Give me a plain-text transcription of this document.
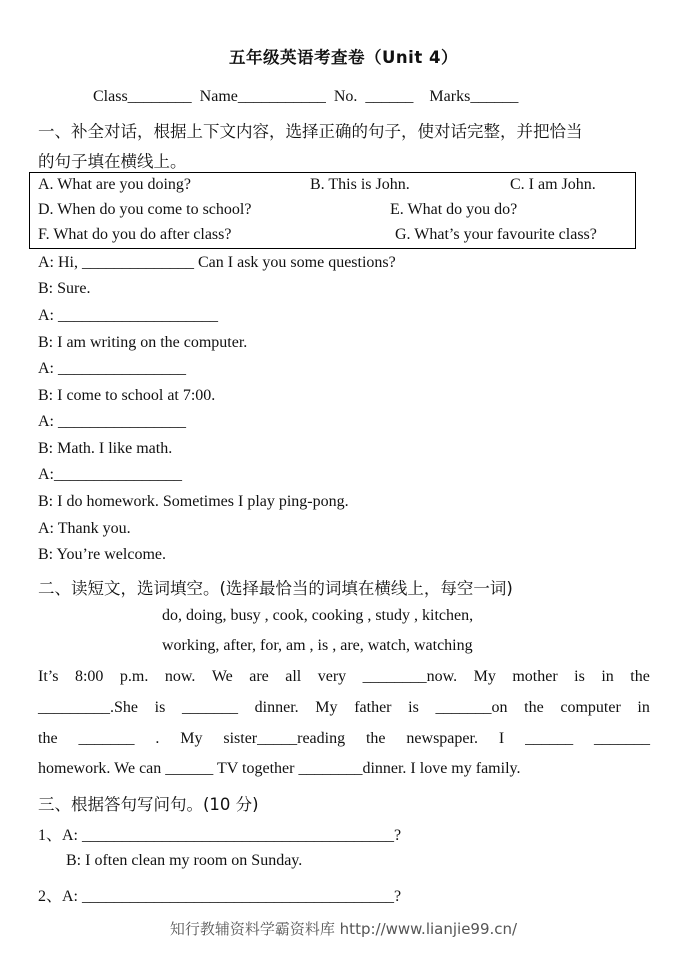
五年级英语考查卷（Unit 4）
Class________  Name___________  No.  ______    Marks______
一、补全对话，根据上下文内容，选择正确的句子，使对话完整，并把恰当
的句子填在横线上。
A. What are you doing?	B. This is John.	C. I am John.
D. When do you come to school?	E. What do you do?
F. What do you do after class?	G. What’s your favourite class?
A: Hi, ______________ Can I ask you some questions?
B: Sure.
A: ____________________
B: I am writing on the computer.
A: ________________
B: I come to school at 7:00.
A: ________________
B: Math. I like math.
A:________________
B: I do homework. Sometimes I play ping-pong.
A: Thank you.
B: You’re welcome.
二、读短文，选词填空。(选择最恰当的词填在横线上，每空一词)
do, doing, busy , cook, cooking , study , kitchen,
working, after, for, am , is , are, watch, watching
It’s 8:00 p.m. now. We are all very ________now. My mother is in the
_________.She is _______ dinner. My father is _______on the computer in
the _______ . My sister_____reading the newspaper. I ______ _______
homework. We can ______ TV together ________dinner. I love my family.
三、根据答句写问句。(10 分)
1、A: _______________________________________?
B: I often clean my room on Sunday.
2、A: _______________________________________?
知行教辅资料学霸资料库 http://www.lianjie99.cn/
